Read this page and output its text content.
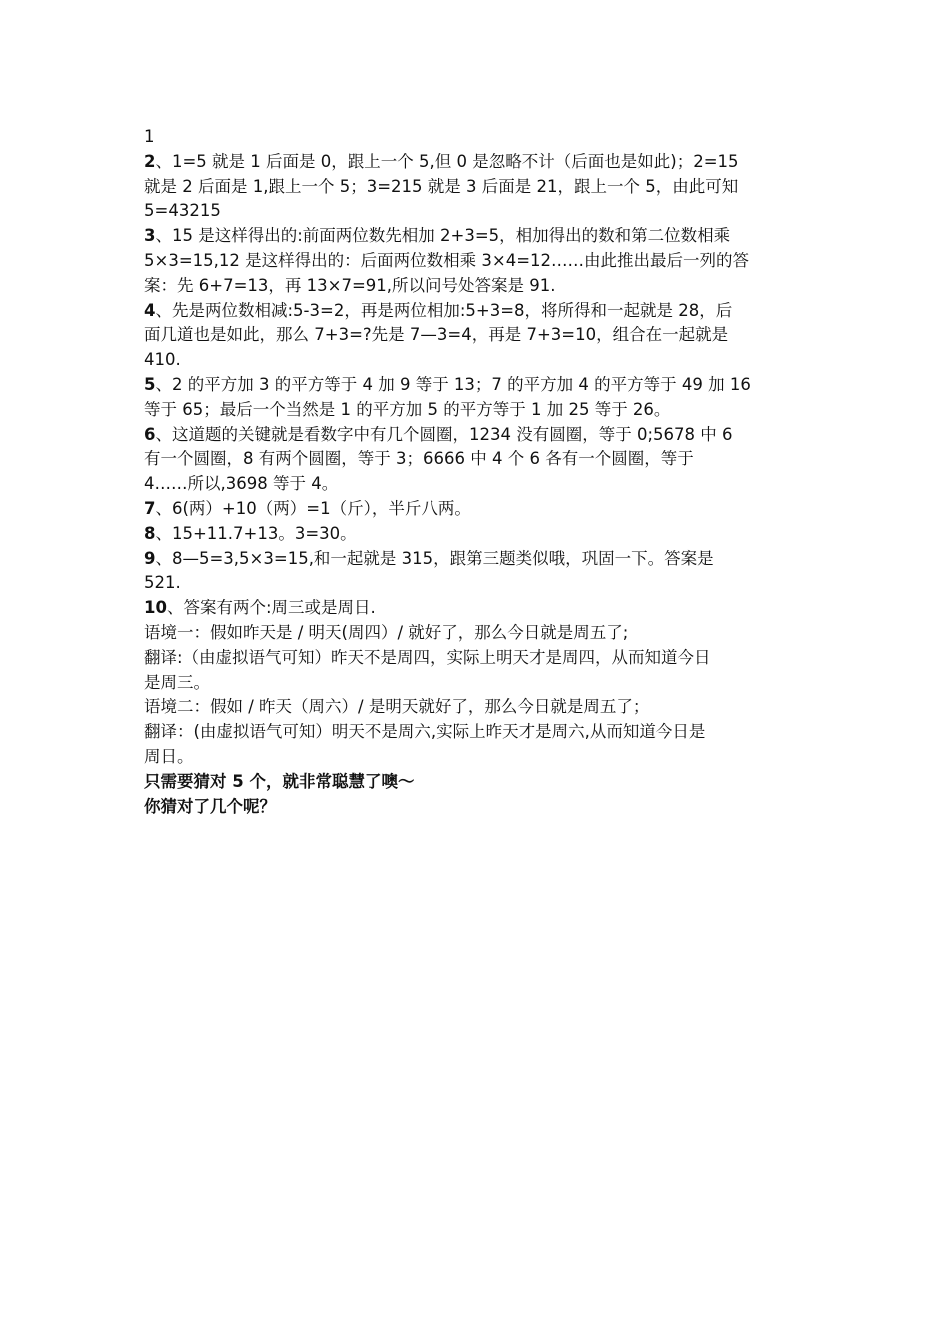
1
2、1=5 就是 1 后面是 0，跟上一个 5,但 0 是忽略不计（后面也是如此)；2=15
就是 2 后面是 1,跟上一个 5；3=215 就是 3 后面是 21，跟上一个 5，由此可知
5=43215
3、15 是这样得出的:前面两位数先相加 2+3=5，相加得出的数和第二位数相乘
5×3=15,12 是这样得出的：后面两位数相乘 3×4=12……由此推出最后一列的答
案：先 6+7=13，再 13×7=91,所以问号处答案是 91.
4、先是两位数相减:5-3=2，再是两位相加:5+3=8，将所得和一起就是 28，后
面几道也是如此，那么 7+3=?先是 7—3=4，再是 7+3=10，组合在一起就是
410.
5、2 的平方加 3 的平方等于 4 加 9 等于 13；7 的平方加 4 的平方等于 49 加 16
等于 65；最后一个当然是 1 的平方加 5 的平方等于 1 加 25 等于 26。
6、这道题的关键就是看数字中有几个圆圈，1234 没有圆圈，等于 0;5678 中 6
有一个圆圈，8 有两个圆圈，等于 3；6666 中 4 个 6 各有一个圆圈，等于
4……所以,3698 等于 4。
7、6(两）+10（两）=1（斤），半斤八两。
8、15+11.7+13。3=30。
9、8—5=3,5×3=15,和一起就是 315，跟第三题类似哦，巩固一下。答案是
521.
10、答案有两个:周三或是周日.
语境一：假如昨天是 / 明天(周四）/ 就好了，那么今日就是周五了;
翻译:（由虚拟语气可知）昨天不是周四，实际上明天才是周四，从而知道今日
是周三。
语境二：假如 / 昨天（周六）/ 是明天就好了，那么今日就是周五了；
翻译：(由虚拟语气可知）明天不是周六,实际上昨天才是周六,从而知道今日是
周日。
只需要猜对 5 个，就非常聪慧了噢～
你猜对了几个呢？
